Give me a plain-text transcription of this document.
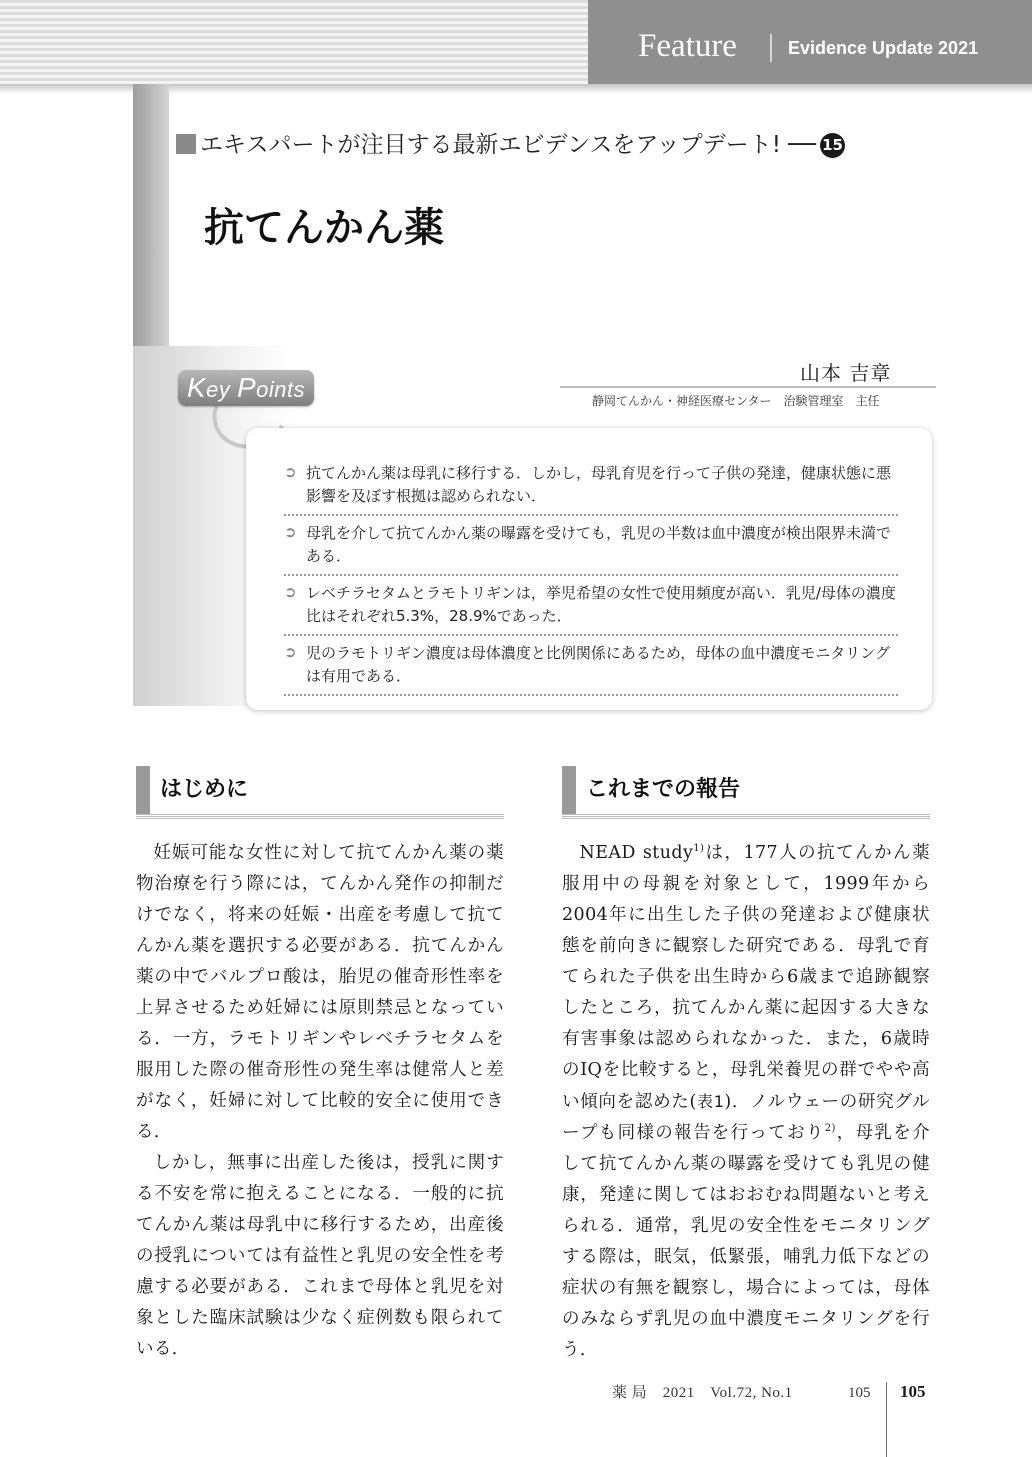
Feature	Evidence Update 2021
エキスパートが注目する最新エビデンスをアップデート! ── 15
抗てんかん薬
山本 吉章
静岡てんかん・神経医療センター　治験管理室　主任
Key Points
➲ 抗てんかん薬は母乳に移行する．しかし，母乳育児を行って子供の発達，健康状態に悪影響を及ぼす根拠は認められない．
➲ 母乳を介して抗てんかん薬の曝露を受けても，乳児の半数は血中濃度が検出限界未満である．
➲ レベチラセタムとラモトリギンは，挙児希望の女性で使用頻度が高い．乳児/母体の濃度比はそれぞれ5.3%，28.9%であった．
➲ 児のラモトリギン濃度は母体濃度と比例関係にあるため，母体の血中濃度モニタリングは有用である．
はじめに	これまでの報告

妊娠可能な女性に対して抗てんかん薬の薬物治療を行う際には，てんかん発作の抑制だけでなく，将来の妊娠・出産を考慮して抗てんかん薬を選択する必要がある．抗てんかん薬の中でバルプロ酸は，胎児の催奇形性率を上昇させるため妊婦には原則禁忌となっている．一方，ラモトリギンやレベチラセタムを服用した際の催奇形性の発生率は健常人と差がなく，妊婦に対して比較的安全に使用できる．

しかし，無事に出産した後は，授乳に関する不安を常に抱えることになる．一般的に抗てんかん薬は母乳中に移行するため，出産後の授乳については有益性と乳児の安全性を考慮する必要がある．これまで母体と乳児を対象とした臨床試験は少なく症例数も限られている．

NEAD study$^{1)}$は，177人の抗てんかん薬服用中の母親を対象として，1999年から2004年に出生した子供の発達および健康状態を前向きに観察した研究である．母乳で育てられた子供を出生時から6歳まで追跡観察したところ，抗てんかん薬に起因する大きな有害事象は認められなかった．また，6歳時のIQを比較すると，母乳栄養児の群でやや高い傾向を認めた(表1)．ノルウェーの研究グループも同様の報告を行っており$^{2)}$，母乳を介して抗てんかん薬の曝露を受けても乳児の健康，発達に関してはおおむね問題ないと考えられる．通常，乳児の安全性をモニタリングする際は，眠気，低緊張，哺乳力低下などの症状の有無を観察し，場合によっては，母体のみならず乳児の血中濃度モニタリングを行う．

薬 局　2021　Vol.72, No.1	105 105
